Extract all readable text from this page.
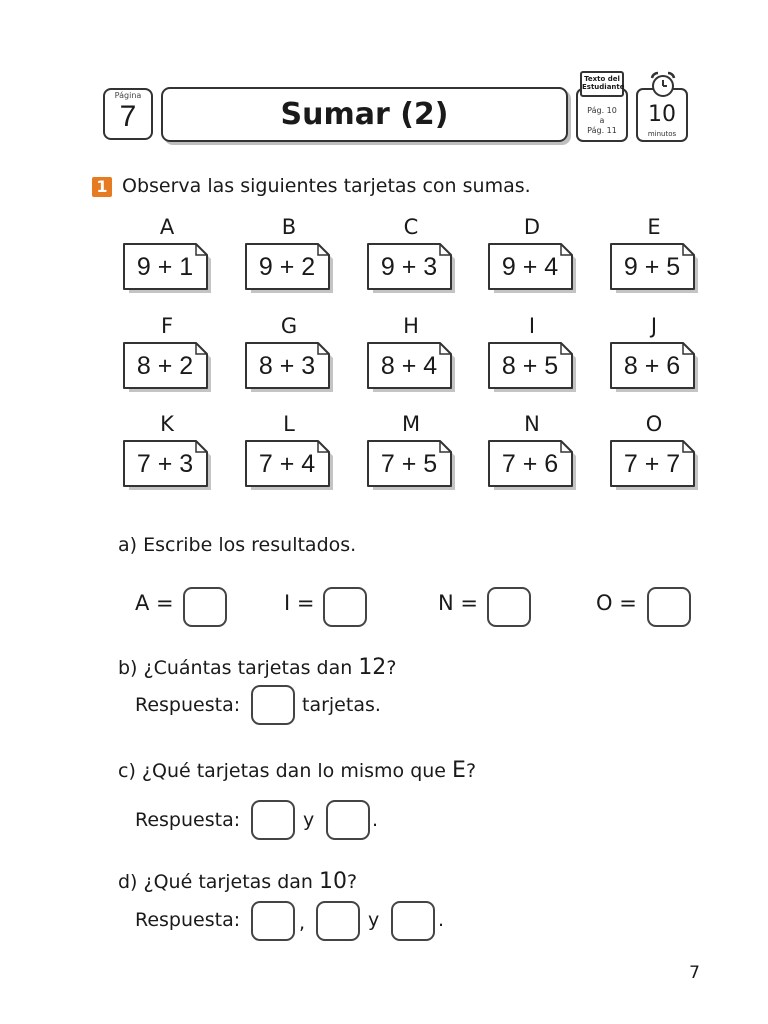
Página
7	Sumar (2)	Pág. 10
a
Pág. 11
Texto del
Estudiante
10
minutos
1 Observa las siguientes tarjetas con sumas.
A
9 + 1
B
9 + 2
C
9 + 3
D
9 + 4
E
9 + 5
F
8 + 2
G
8 + 3
H
8 + 4
I
8 + 5
J
8 + 6
K
7 + 3
L
7 + 4
M
7 + 5
N
7 + 6
O
7 + 7
a) Escribe los resultados.
A =	I =	N =	O =
b) ¿Cuántas tarjetas dan 12?
Respuesta:	tarjetas.
c) ¿Qué tarjetas dan lo mismo que E?
Respuesta:	y	.
d) ¿Qué tarjetas dan 10?
Respuesta:	,	y	.
7
